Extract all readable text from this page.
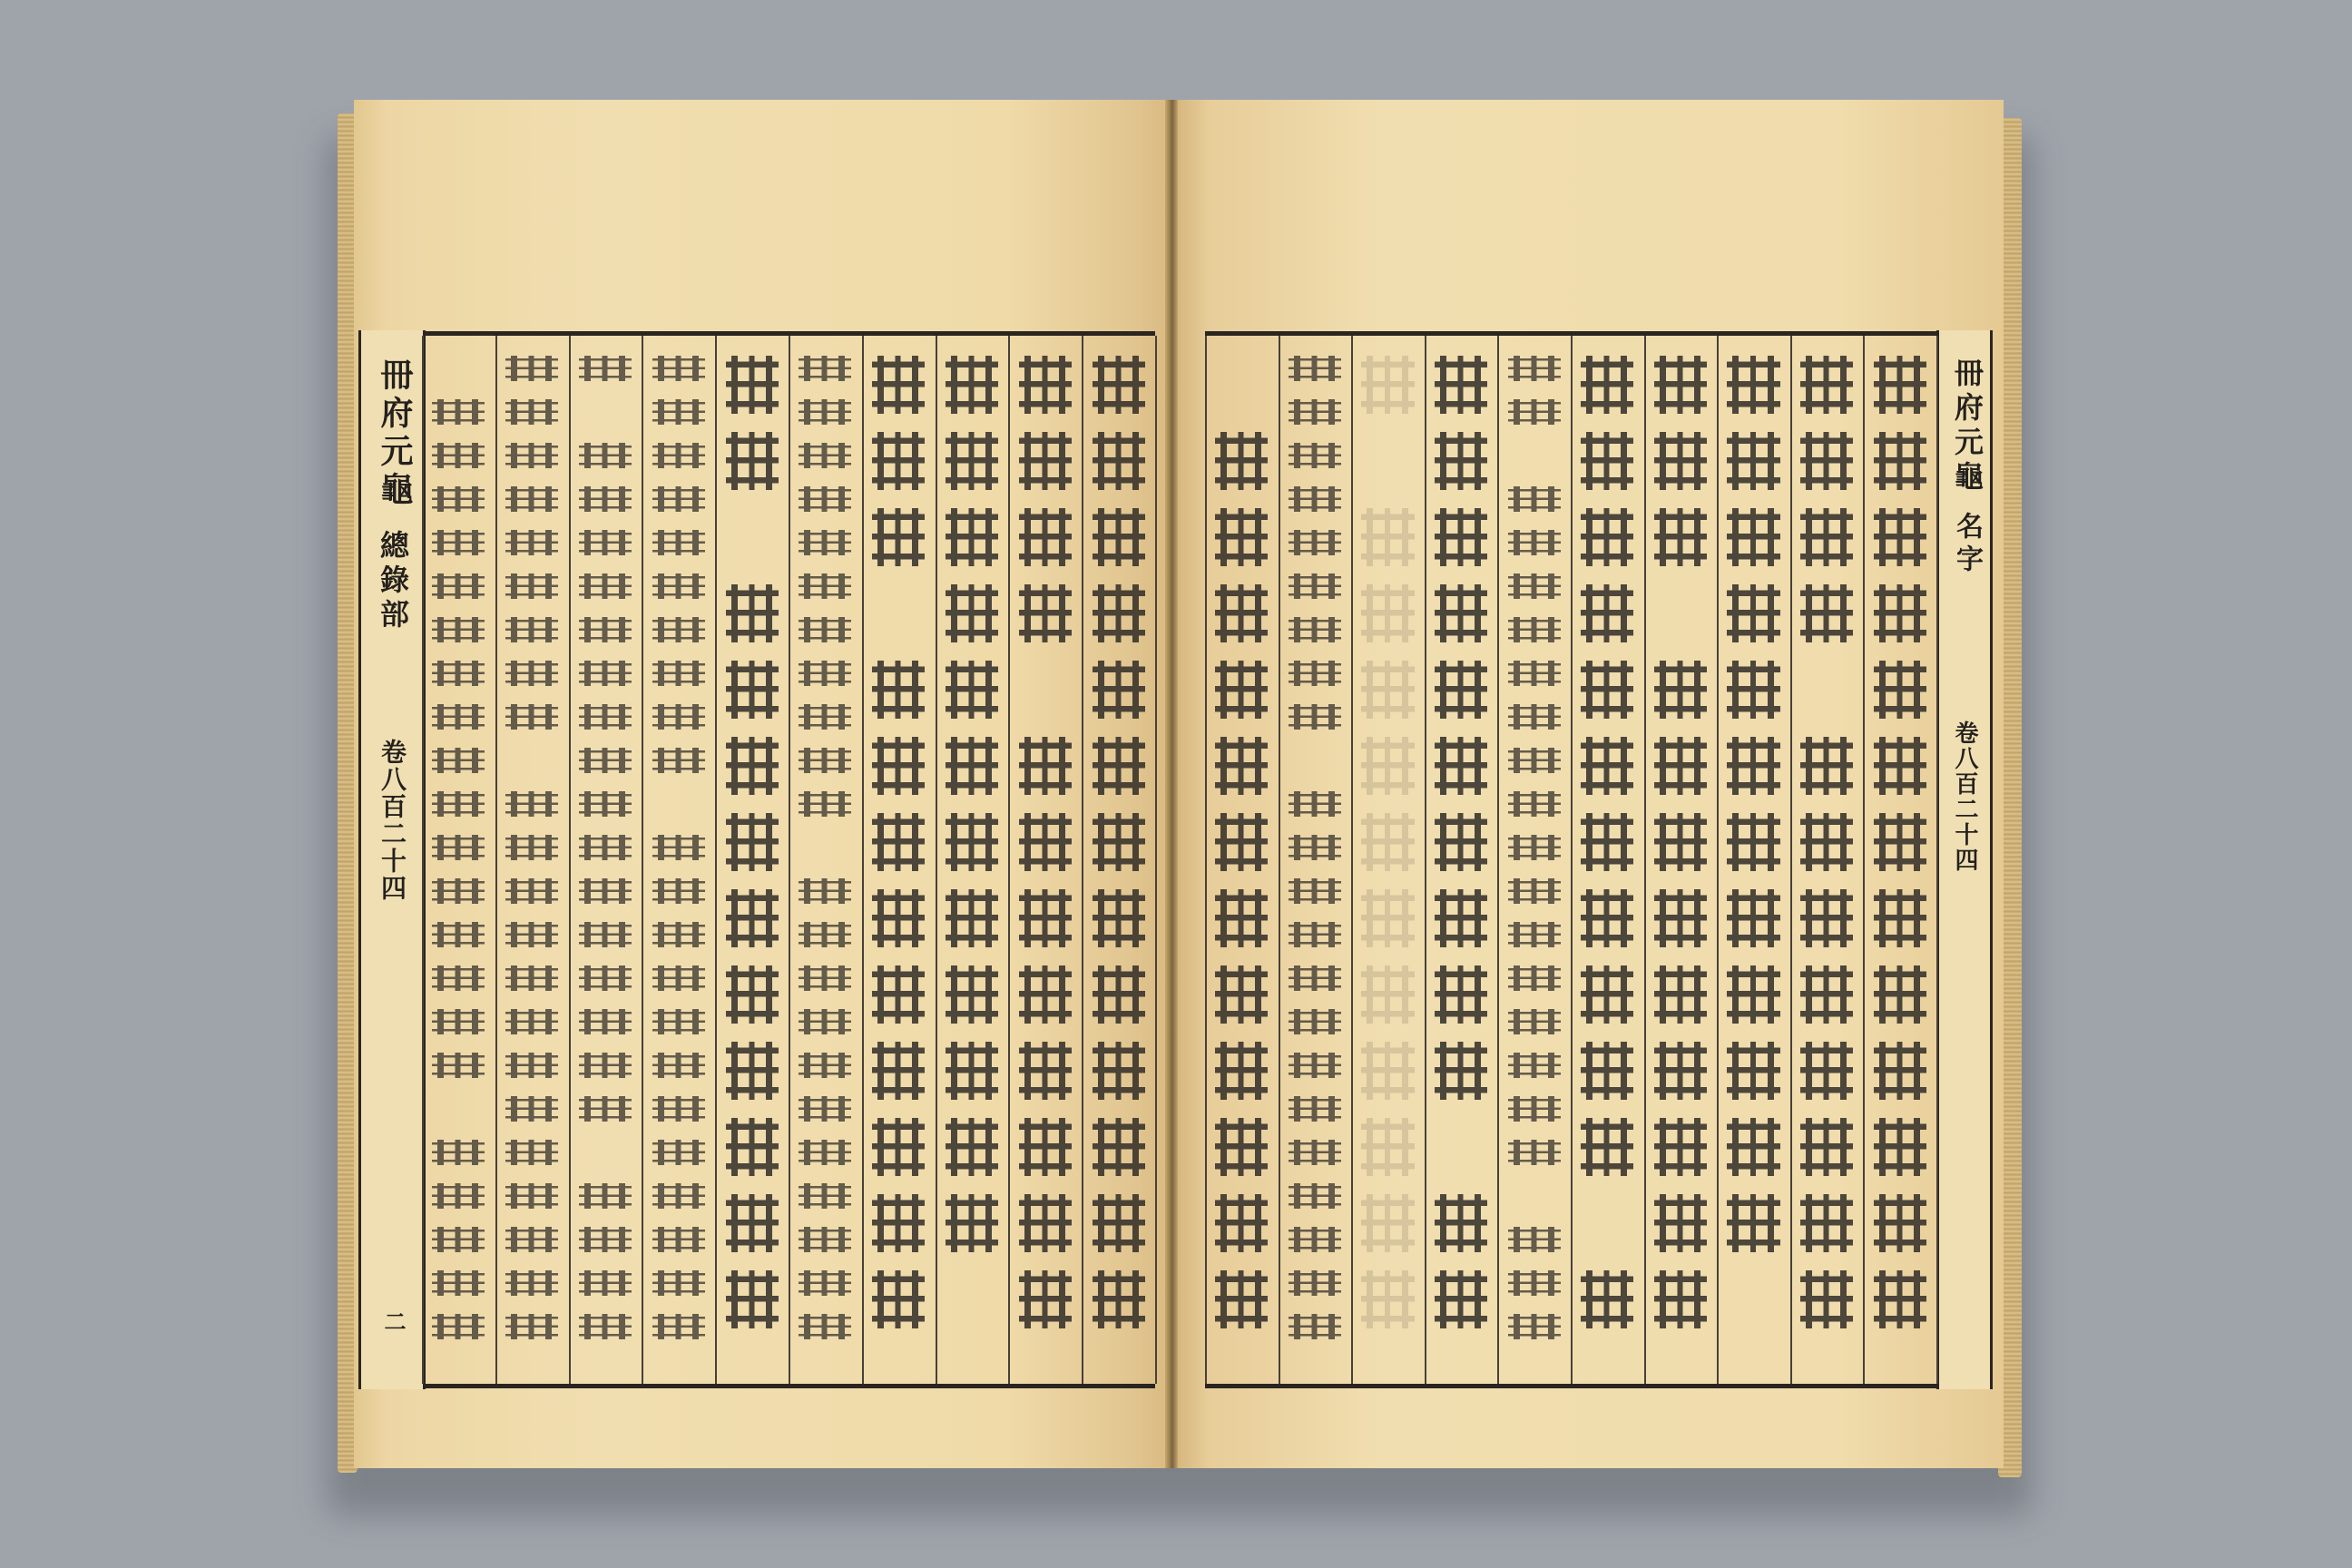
冊府元龜
總錄部
卷八百二十四
二
冊府元龜
名字
卷八百二十四
